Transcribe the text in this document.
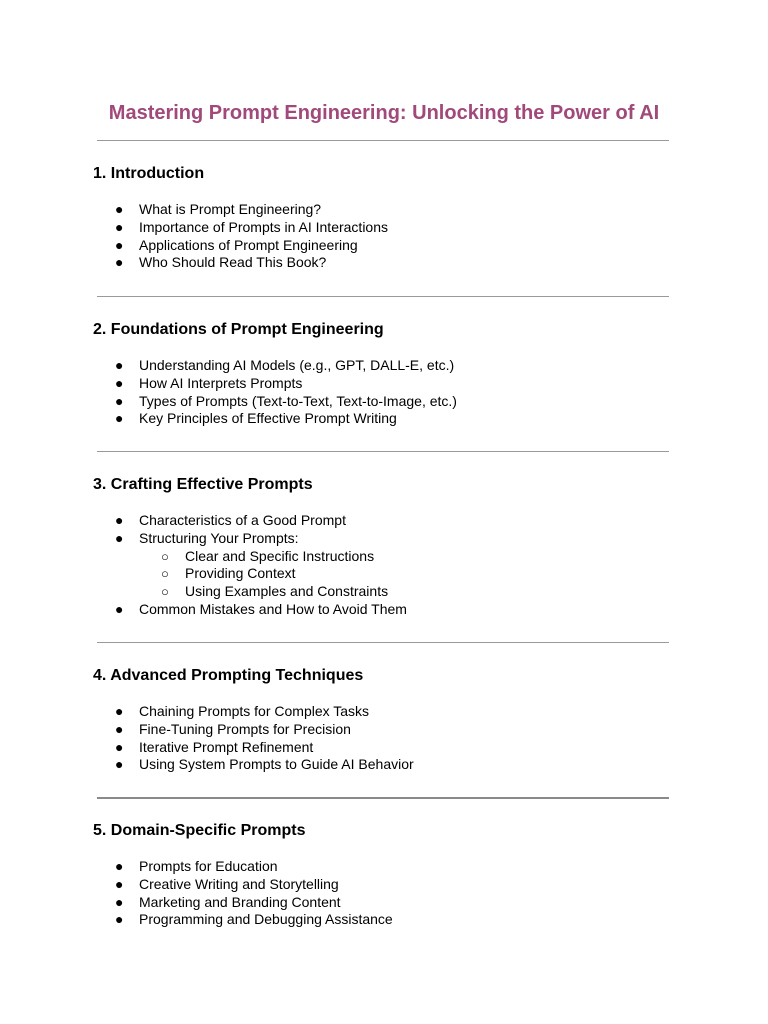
Mastering Prompt Engineering: Unlocking the Power of AI
1. Introduction
● What is Prompt Engineering?
● Importance of Prompts in AI Interactions
● Applications of Prompt Engineering
● Who Should Read This Book?
2. Foundations of Prompt Engineering
● Understanding AI Models (e.g., GPT, DALL-E, etc.)
● How AI Interprets Prompts
● Types of Prompts (Text-to-Text, Text-to-Image, etc.)
● Key Principles of Effective Prompt Writing
3. Crafting Effective Prompts
● Characteristics of a Good Prompt
● Structuring Your Prompts:
○ Clear and Specific Instructions
○ Providing Context
○ Using Examples and Constraints
● Common Mistakes and How to Avoid Them
4. Advanced Prompting Techniques
● Chaining Prompts for Complex Tasks
● Fine-Tuning Prompts for Precision
● Iterative Prompt Refinement
● Using System Prompts to Guide AI Behavior
5. Domain-Specific Prompts
● Prompts for Education
● Creative Writing and Storytelling
● Marketing and Branding Content
● Programming and Debugging Assistance
